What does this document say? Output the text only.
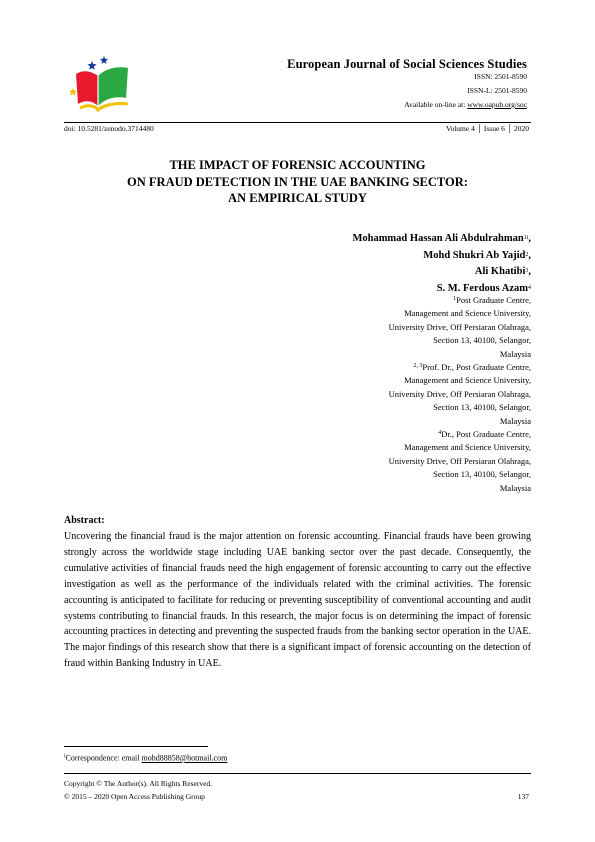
European Journal of Social Sciences Studies
ISSN: 2501-8590
ISSN-L: 2501-8590
Available on-line at: www.oapub.org/soc
doi: 10.5281/zenodo.3714480	Volume 4 │ Issue 6 │ 2020
THE IMPACT OF FORENSIC ACCOUNTING
ON FRAUD DETECTION IN THE UAE BANKING SECTOR:
AN EMPIRICAL STUDY
Mohammad Hassan Ali Abdulrahman$^{1i}$,
Mohd Shukri Ab Yajid$^2$,
Ali Khatibi$^3$,
S. M. Ferdous Azam$^4$
$^1$Post Graduate Centre,
Management and Science University,
University Drive, Off Persiaran Olahraga,
Section 13, 40100, Selangor,
Malaysia
$^{2, 3}$Prof. Dr., Post Graduate Centre,
Management and Science University,
University Drive, Off Persiaran Olahraga,
Section 13, 40100, Selangor,
Malaysia
$^4$Dr., Post Graduate Centre,
Management and Science University,
University Drive, Off Persiaran Olahraga,
Section 13, 40100, Selangor,
Malaysia
Abstract:
Uncovering the financial fraud is the major attention on forensic accounting. Financial frauds have been growing strongly across the worldwide stage including UAE banking sector over the past decade. Consequently, the cumulative activities of financial frauds need the high engagement of forensic accounting to carry out the effective investigation as well as the performance of the individuals related with the criminal activities. The forensic accounting is anticipated to facilitate for reducing or preventing susceptibility of conventional accounting and audit systems contributing to financial frauds. In this research, the major focus is on determining the impact of forensic accounting practices in detecting and preventing the suspected frauds from the banking sector operation in the UAE. The major findings of this research show that there is a significant impact of forensic accounting on the detection of fraud within Banking Industry in UAE.
$^i$Correspondence: email mohd88858@hotmail.com
Copyright © The Author(s). All Rights Reserved.
© 2015 – 2020 Open Access Publishing Group	137
